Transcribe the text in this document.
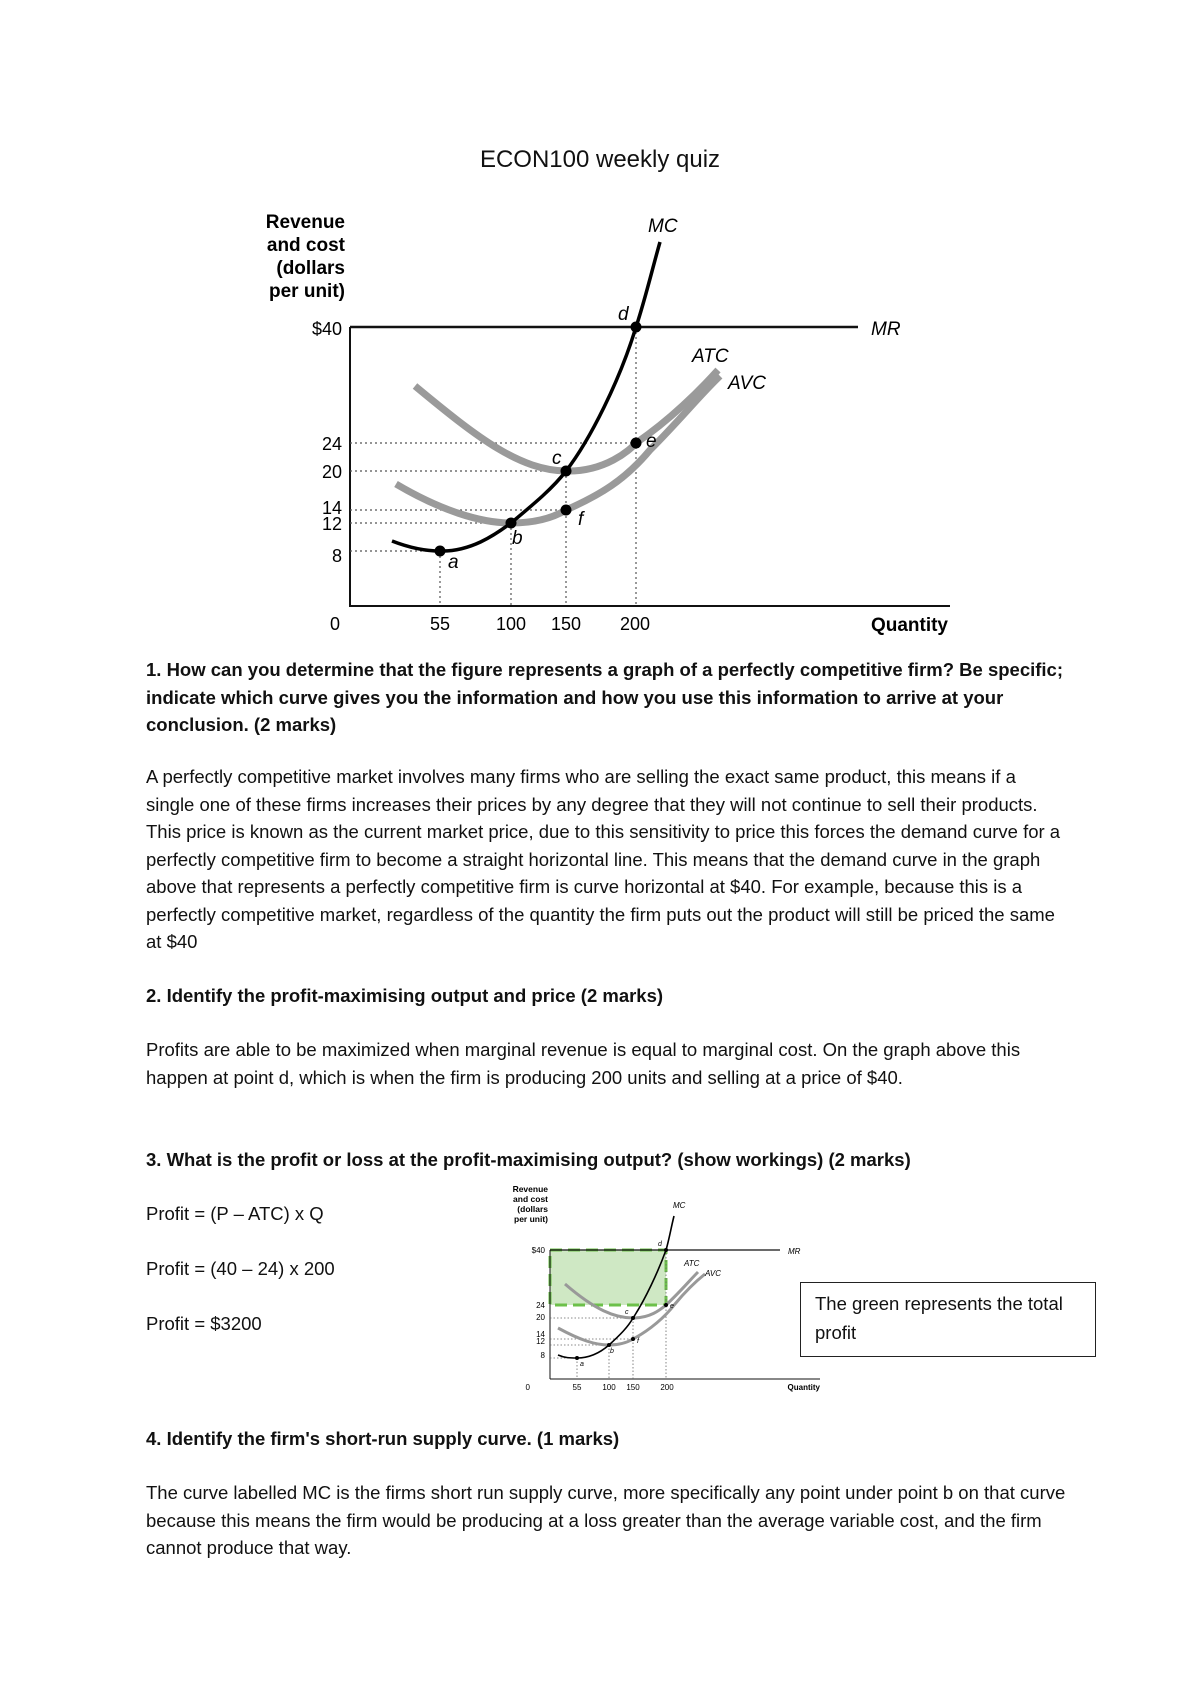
ECON100 weekly quiz
Revenue
and cost
(dollars
per unit)
$40
24
20
14
12
8
0	55	100 150 200	Quantity
MR
ATC
AVC
MC
a
b
c
d
e
f
1. How can you determine that the figure represents a graph of a perfectly competitive firm? Be specific; indicate which curve gives you the information and how you use this information to arrive at your conclusion. (2 marks)
A perfectly competitive market involves many firms who are selling the exact same product, this means if a single one of these firms increases their prices by any degree that they will not continue to sell their products. This price is known as the current market price, due to this sensitivity to price this forces the demand curve for a perfectly competitive firm to become a straight horizontal line. This means that the demand curve in the graph above that represents a perfectly competitive firm is curve horizontal at $40. For example, because this is a perfectly competitive market, regardless of the quantity the firm puts out the product will still be priced the same at $40
2. Identify the profit-maximising output and price (2 marks)
Profits are able to be maximized when marginal revenue is equal to marginal cost. On the graph above this happen at point d, which is when the firm is producing 200 units and selling at a price of $40.
3. What is the profit or loss at the profit-maximising output? (show workings) (2 marks)
Profit = (P – ATC) x Q
Profit = (40 – 24) x 200
Profit = $3200
Revenue
and cost
(dollars
per unit)
MR
$40
24
20
14
12
8
0	55	100 150	200	Quantity
ATC
AVC
MC
a
b
c
d
e
f
The green represents the total profit
4. Identify the firm's short-run supply curve. (1 marks)
The curve labelled MC is the firms short run supply curve, more specifically any point under point b on that curve because this means the firm would be producing at a loss greater than the average variable cost, and the firm cannot produce that way.
